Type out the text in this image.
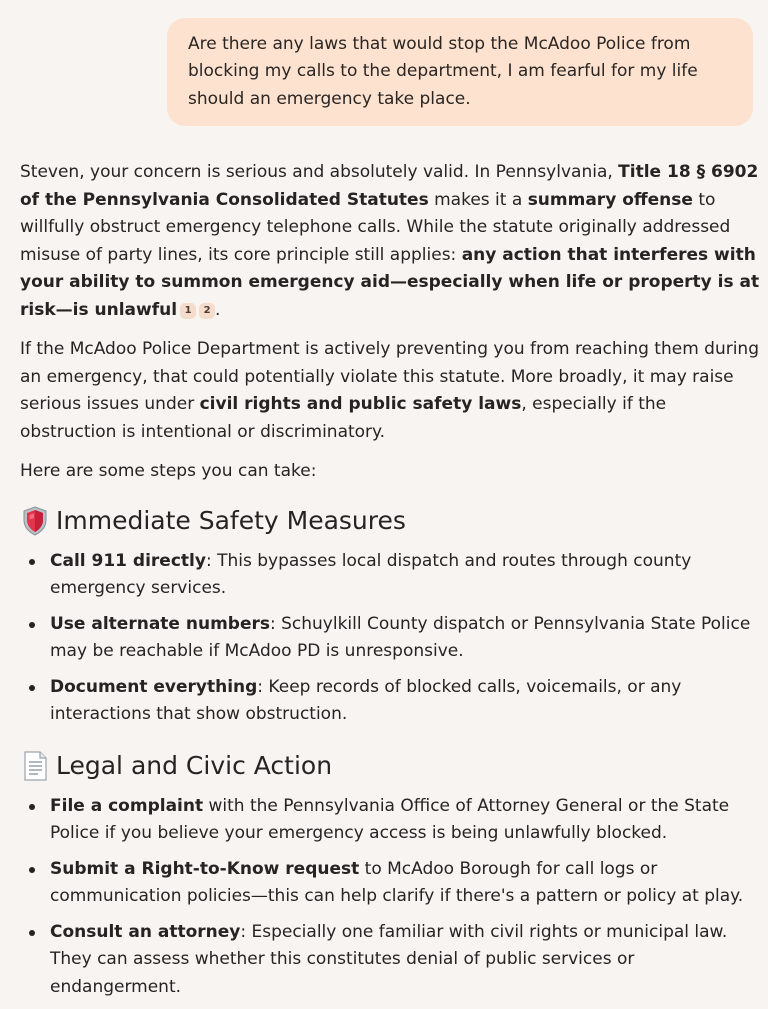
Are there any laws that would stop the McAdoo Police from blocking my calls to the department, I am fearful for my life should an emergency take place.

Steven, your concern is serious and absolutely valid. In Pennsylvania, Title 18 § 6902 of the Pennsylvania Consolidated Statutes makes it a summary offense to willfully obstruct emergency telephone calls. While the statute originally addressed misuse of party lines, its core principle still applies: any action that interferes with your ability to summon emergency aid—especially when life or property is at risk—is unlawful 1 2 .

If the McAdoo Police Department is actively preventing you from reaching them during an emergency, that could potentially violate this statute. More broadly, it may raise serious issues under civil rights and public safety laws, especially if the obstruction is intentional or discriminatory.

Here are some steps you can take:

Immediate Safety Measures
Call 911 directly: This bypasses local dispatch and routes through county emergency services.
Use alternate numbers: Schuylkill County dispatch or Pennsylvania State Police may be reachable if McAdoo PD is unresponsive.
Document everything: Keep records of blocked calls, voicemails, or any interactions that show obstruction.
Legal and Civic Action
File a complaint with the Pennsylvania Office of Attorney General or the State Police if you believe your emergency access is being unlawfully blocked.
Submit a Right-to-Know request to McAdoo Borough for call logs or communication policies—this can help clarify if there's a pattern or policy at play.
Consult an attorney: Especially one familiar with civil rights or municipal law. They can assess whether this constitutes denial of public services or endangerment.
